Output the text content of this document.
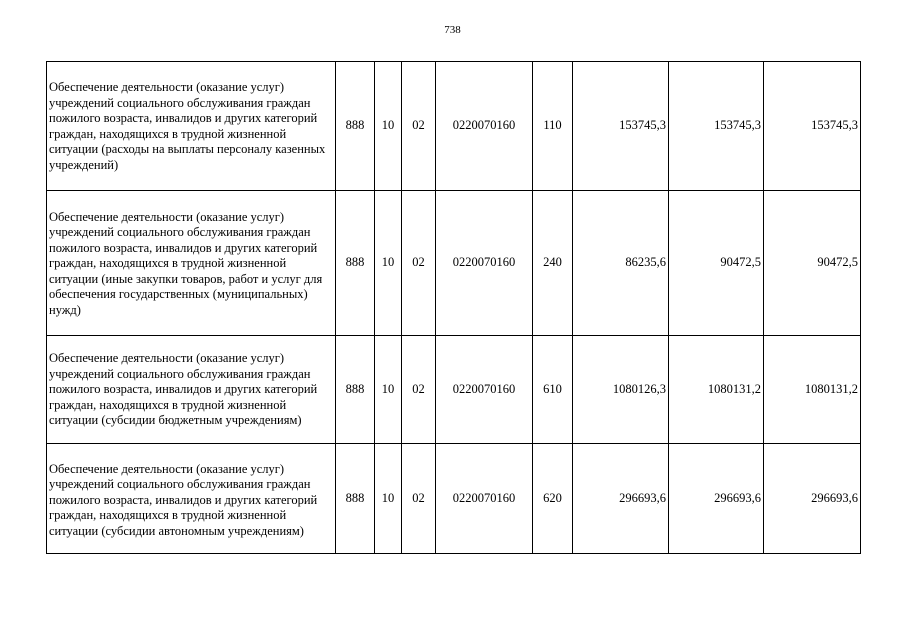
738
Обеспечение деятельности (оказание услуг) учреждений социального обслуживания граждан пожилого возраста, инвалидов и других категорий граждан, находящихся в трудной жизненной ситуации (расходы на выплаты персоналу казенных учреждений)	888	10	02	0220070160	110	153745,3	153745,3	153745,3
Обеспечение деятельности (оказание услуг) учреждений социального обслуживания граждан пожилого возраста, инвалидов и других категорий граждан, находящихся в трудной жизненной ситуации (иные закупки товаров, работ и услуг для обеспечения государственных (муниципальных) нужд)	888	10	02	0220070160	240	86235,6	90472,5	90472,5
Обеспечение деятельности (оказание услуг) учреждений социального обслуживания граждан пожилого возраста, инвалидов и других категорий граждан, находящихся в трудной жизненной ситуации (субсидии бюджетным учреждениям)	888	10	02	0220070160	610	1080126,3	1080131,2	1080131,2
Обеспечение деятельности (оказание услуг) учреждений социального обслуживания граждан пожилого возраста, инвалидов и других категорий граждан, находящихся в трудной жизненной ситуации (субсидии автономным учреждениям)	888	10	02	0220070160	620	296693,6	296693,6	296693,6
